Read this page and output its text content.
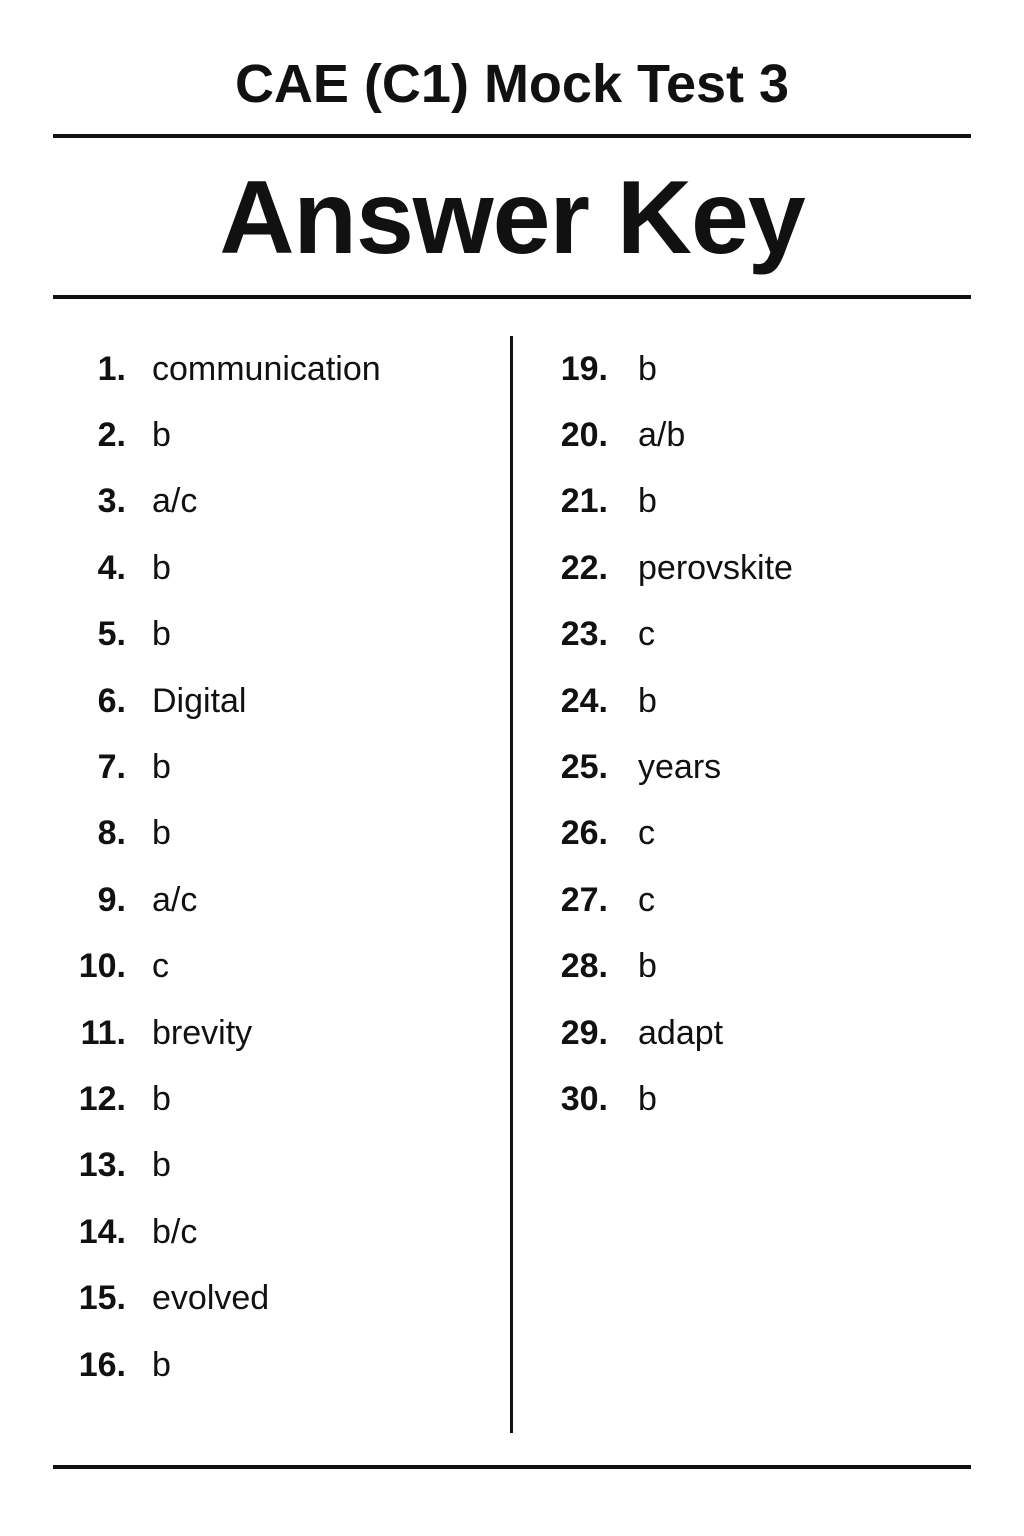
CAE (C1) Mock Test 3
Answer Key
1. communication
2. b
3. a/c
4. b
5. b
6. Digital
7. b
8. b
9. a/c
10. c
11. brevity
12. b
13. b
14. b/c
15. evolved
16. b
19. b
20. a/b
21. b
22. perovskite
23. c
24. b
25. years
26. c
27. c
28. b
29. adapt
30. b
